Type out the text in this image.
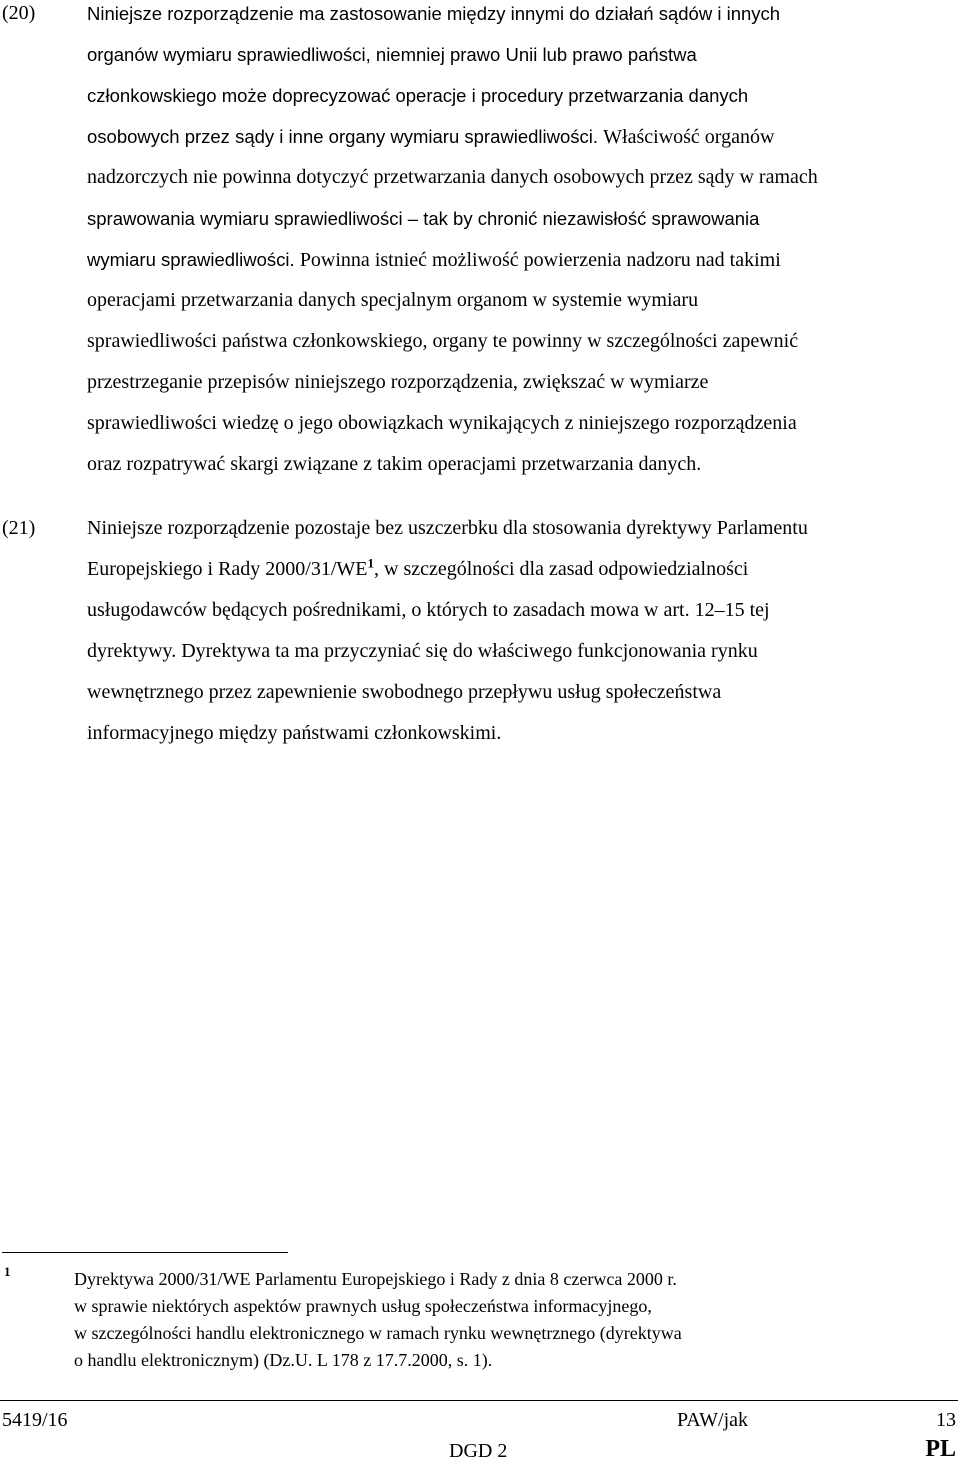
(20)	Niniejsze rozporządzenie ma zastosowanie między innymi do działań sądów i innych
organów wymiaru sprawiedliwości, niemniej prawo Unii lub prawo państwa
członkowskiego może doprecyzować operacje i procedury przetwarzania danych
osobowych przez sądy i inne organy wymiaru sprawiedliwości. Właściwość organów
nadzorczych nie powinna dotyczyć przetwarzania danych osobowych przez sądy w ramach
sprawowania wymiaru sprawiedliwości – tak by chronić niezawisłość sprawowania
wymiaru sprawiedliwości. Powinna istnieć możliwość powierzenia nadzoru nad takimi
operacjami przetwarzania danych specjalnym organom w systemie wymiaru
sprawiedliwości państwa członkowskiego, organy te powinny w szczególności zapewnić
przestrzeganie przepisów niniejszego rozporządzenia, zwiększać w wymiarze
sprawiedliwości wiedzę o jego obowiązkach wynikających z niniejszego rozporządzenia
oraz rozpatrywać skargi związane z takim operacjami przetwarzania danych.
(21)	Niniejsze rozporządzenie pozostaje bez uszczerbku dla stosowania dyrektywy Parlamentu
Europejskiego i Rady 2000/31/WE$^1$, w szczególności dla zasad odpowiedzialności
usługodawców będących pośrednikami, o których to zasadach mowa w art. 12–15 tej
dyrektywy. Dyrektywa ta ma przyczyniać się do właściwego funkcjonowania rynku
wewnętrznego przez zapewnienie swobodnego przepływu usług społeczeństwa
informacyjnego między państwami członkowskimi.
1	Dyrektywa 2000/31/WE Parlamentu Europejskiego i Rady z dnia 8 czerwca 2000 r.
w sprawie niektórych aspektów prawnych usług społeczeństwa informacyjnego,
w szczególności handlu elektronicznego w ramach rynku wewnętrznego (dyrektywa
o handlu elektronicznym) (Dz.U. L 178 z 17.7.2000, s. 1).
5419/16	PAW/jak	13
DGD 2	PL
